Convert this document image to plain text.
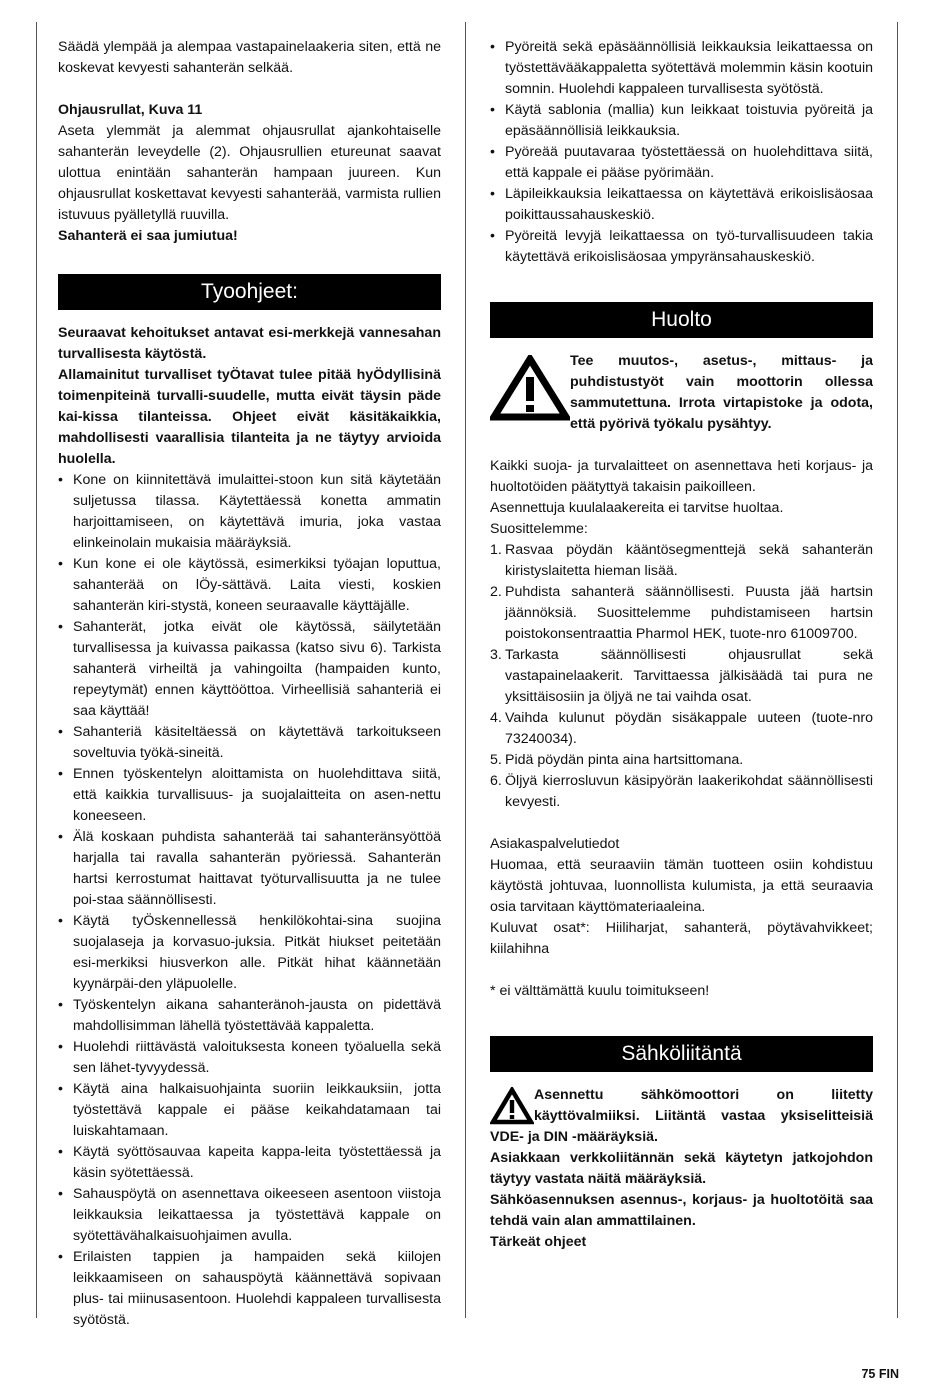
Säädä ylempää ja alempaa vastapainelaakeria siten, että ne koskevat kevyesti sahanterän selkää.

Ohjausrullat, Kuva 11

Aseta ylemmät ja alemmat ohjausrullat ajankohtaiselle sahanterän leveydelle (2). Ohjausrullien etureunat saavat ulottua enintään sahanterän hampaan juureen. Kun ohjausrullat koskettavat kevyesti sahanterää, varmista rullien istuvuus pyälletyllä ruuvilla.

Sahanterä ei saa jumiutua!

Tyoohjeet:

Seuraavat kehoitukset antavat esi-merkkejä vannesahan turvallisesta käytöstä.

Allamainitut turvalliset tyÖtavat tulee pitää hyÖdyllisinä toimenpiteinä turvalli-suudelle, mutta eivät täysin päde kai-kissa tilanteissa. Ohjeet eivät käsitäkaikkia, mahdollisesti vaarallisia tilanteita ja ne täytyy arvioida huolella.

• Kone on kiinnitettävä imulaittei-stoon kun sitä käytetään suljetussa tilassa. Käytettäessä konetta ammatin harjoittamiseen, on käytettävä imuria, joka vastaa elinkeinolain mukaisia määräyksiä.
• Kun kone ei ole käytössä, esimerkiksi työajan loputtua, sahanterää on lÖy-sättävä. Laita viesti, koskien sahanterän kiri-stystä, koneen seuraavalle käyttäjälle.
• Sahanterät, jotka eivät ole käytössä, säilytetään turvallisessa ja kuivassa paikassa (katso sivu 6). Tarkista sahanterä virheiltä ja vahingoilta (hampaiden kunto, repeytymät) ennen käyttööttoa. Virheellisiä sahanteriä ei saa käyttää!
• Sahanteriä käsiteltäessä on käytettävä tarkoitukseen soveltuvia työkä-sineitä.
• Ennen työskentelyn aloittamista on huolehdittava siitä, että kaikkia turvallisuus- ja suojalaitteita on asen-nettu koneeseen.
• Älä koskaan puhdista sahanterää tai sahanteränsyöttöä harjalla tai ravalla sahanterän pyöriessä. Sahanterän hartsi kerrostumat haittavat työturvallisuutta ja ne tulee poi-staa säännöllisesti.
• Käytä tyÖskennellessä henkilökohtai-sina suojina suojalaseja ja korvasuo-juksia. Pitkät hiukset peitetään esi-merkiksi hiusverkon alle. Pitkät hihat käännetään kyynärpäi-den yläpuolelle.
• Työskentelyn aikana sahanteränoh-jausta on pidettävä mahdollisimman lähellä työstettävää kappaletta.
• Huolehdi riittävästä valoituksesta koneen työaluella sekä sen lähet-tyvyydessä.
• Käytä aina halkaisuohjainta suoriin leikkauksiin, jotta työstettävä kappale ei pääse keikahdatamaan tai luiskahtamaan.
• Käytä syöttösauvaa kapeita kappa-leita työstettäessä ja käsin syötettäessä.
• Sahauspöytä on asennettava oikeeseen asentoon viistoja leikkauksia leikattaessa ja työstettävä kappale on syötettävähalkaisuohjaimen avulla.
• Erilaisten tappien ja hampaiden sekä kiilojen leikkaamiseen on sahauspöytä käännettävä sopivaan plus- tai miinusasentoon. Huolehdi kappaleen turvallisesta syötöstä.
• Pyöreitä sekä epäsäännöllisiä leikkauksia leikattaessa on työstettävääkappaletta syötettävä molemmin käsin kootuin somnin. Huolehdi kappaleen turvallisesta syötöstä.
• Käytä sablonia (mallia) kun leikkaat toistuvia pyöreitä ja epäsäännöllisiä leikkauksia.
• Pyöreää puutavaraa työstettäessä on huolehdittava siitä, että kappale ei pääse pyörimään.
• Läpileikkauksia leikattaessa on käytettävä erikoislisäosaa poikittaussahauskeskiö.
• Pyöreitä levyjä leikattaessa on työ-turvallisuudeen takia käytettävä erikoislisäosaa ympyränsahauskeskiö.
Huolto

Tee muutos-, asetus-, mittaus- ja puhdistustyöt vain moottorin ollessa sammutettuna. Irrota virtapistoke ja odota, että pyörivä työkalu pysähtyy.

Kaikki suoja- ja turvalaitteet on asennettava heti korjaus- ja huoltotöiden päätyttyä takaisin paikoilleen.

Asennettuja kuulalaakereita ei tarvitse huoltaa.

Suosittelemme:

1. Rasvaa pöydän kääntösegmenttejä sekä sahanterän kiristyslaitetta hieman lisää.
2. Puhdista sahanterä säännöllisesti. Puusta jää hartsin jäännöksiä. Suosittelemme puhdistamiseen hartsin poistokonsentraattia Pharmol HEK, tuote-nro 61009700.
3. Tarkasta säännöllisesti ohjausrullat sekä vastapainelaakerit. Tarvittaessa jälkisäädä tai pura ne yksittäisosiin ja öljyä ne tai vaihda osat.
4. Vaihda kulunut pöydän sisäkappale uuteen (tuote-nro 73240034).
5. Pidä pöydän pinta aina hartsittomana.
6. Öljyä kierrosluvun käsipyörän laakerikohdat säännöllisesti kevyesti.

Asiakaspalvelutiedot

Huomaa, että seuraaviin tämän tuotteen osiin kohdistuu käytöstä johtuvaa, luonnollista kulumista, ja että seuraavia osia tarvitaan käyttömateriaaleina.

Kuluvat osat*: Hiiliharjat, sahanterä, pöytävahvikkeet; kiilahihna

* ei välttämättä kuulu toimitukseen!

Sähköliitäntä

Asennettu sähkömoottori on liitetty käyttövalmiiksi. Liitäntä vastaa yksiselitteisiä VDE- ja DIN -määräyksiä.

Asiakkaan verkkoliitännän sekä käytetyn jatkojohdon täytyy vastata näitä määräyksiä.

Sähköasennuksen asennus-, korjaus- ja huoltotöitä saa tehdä vain alan ammattilainen.

Tärkeät ohjeet

75 FIN
